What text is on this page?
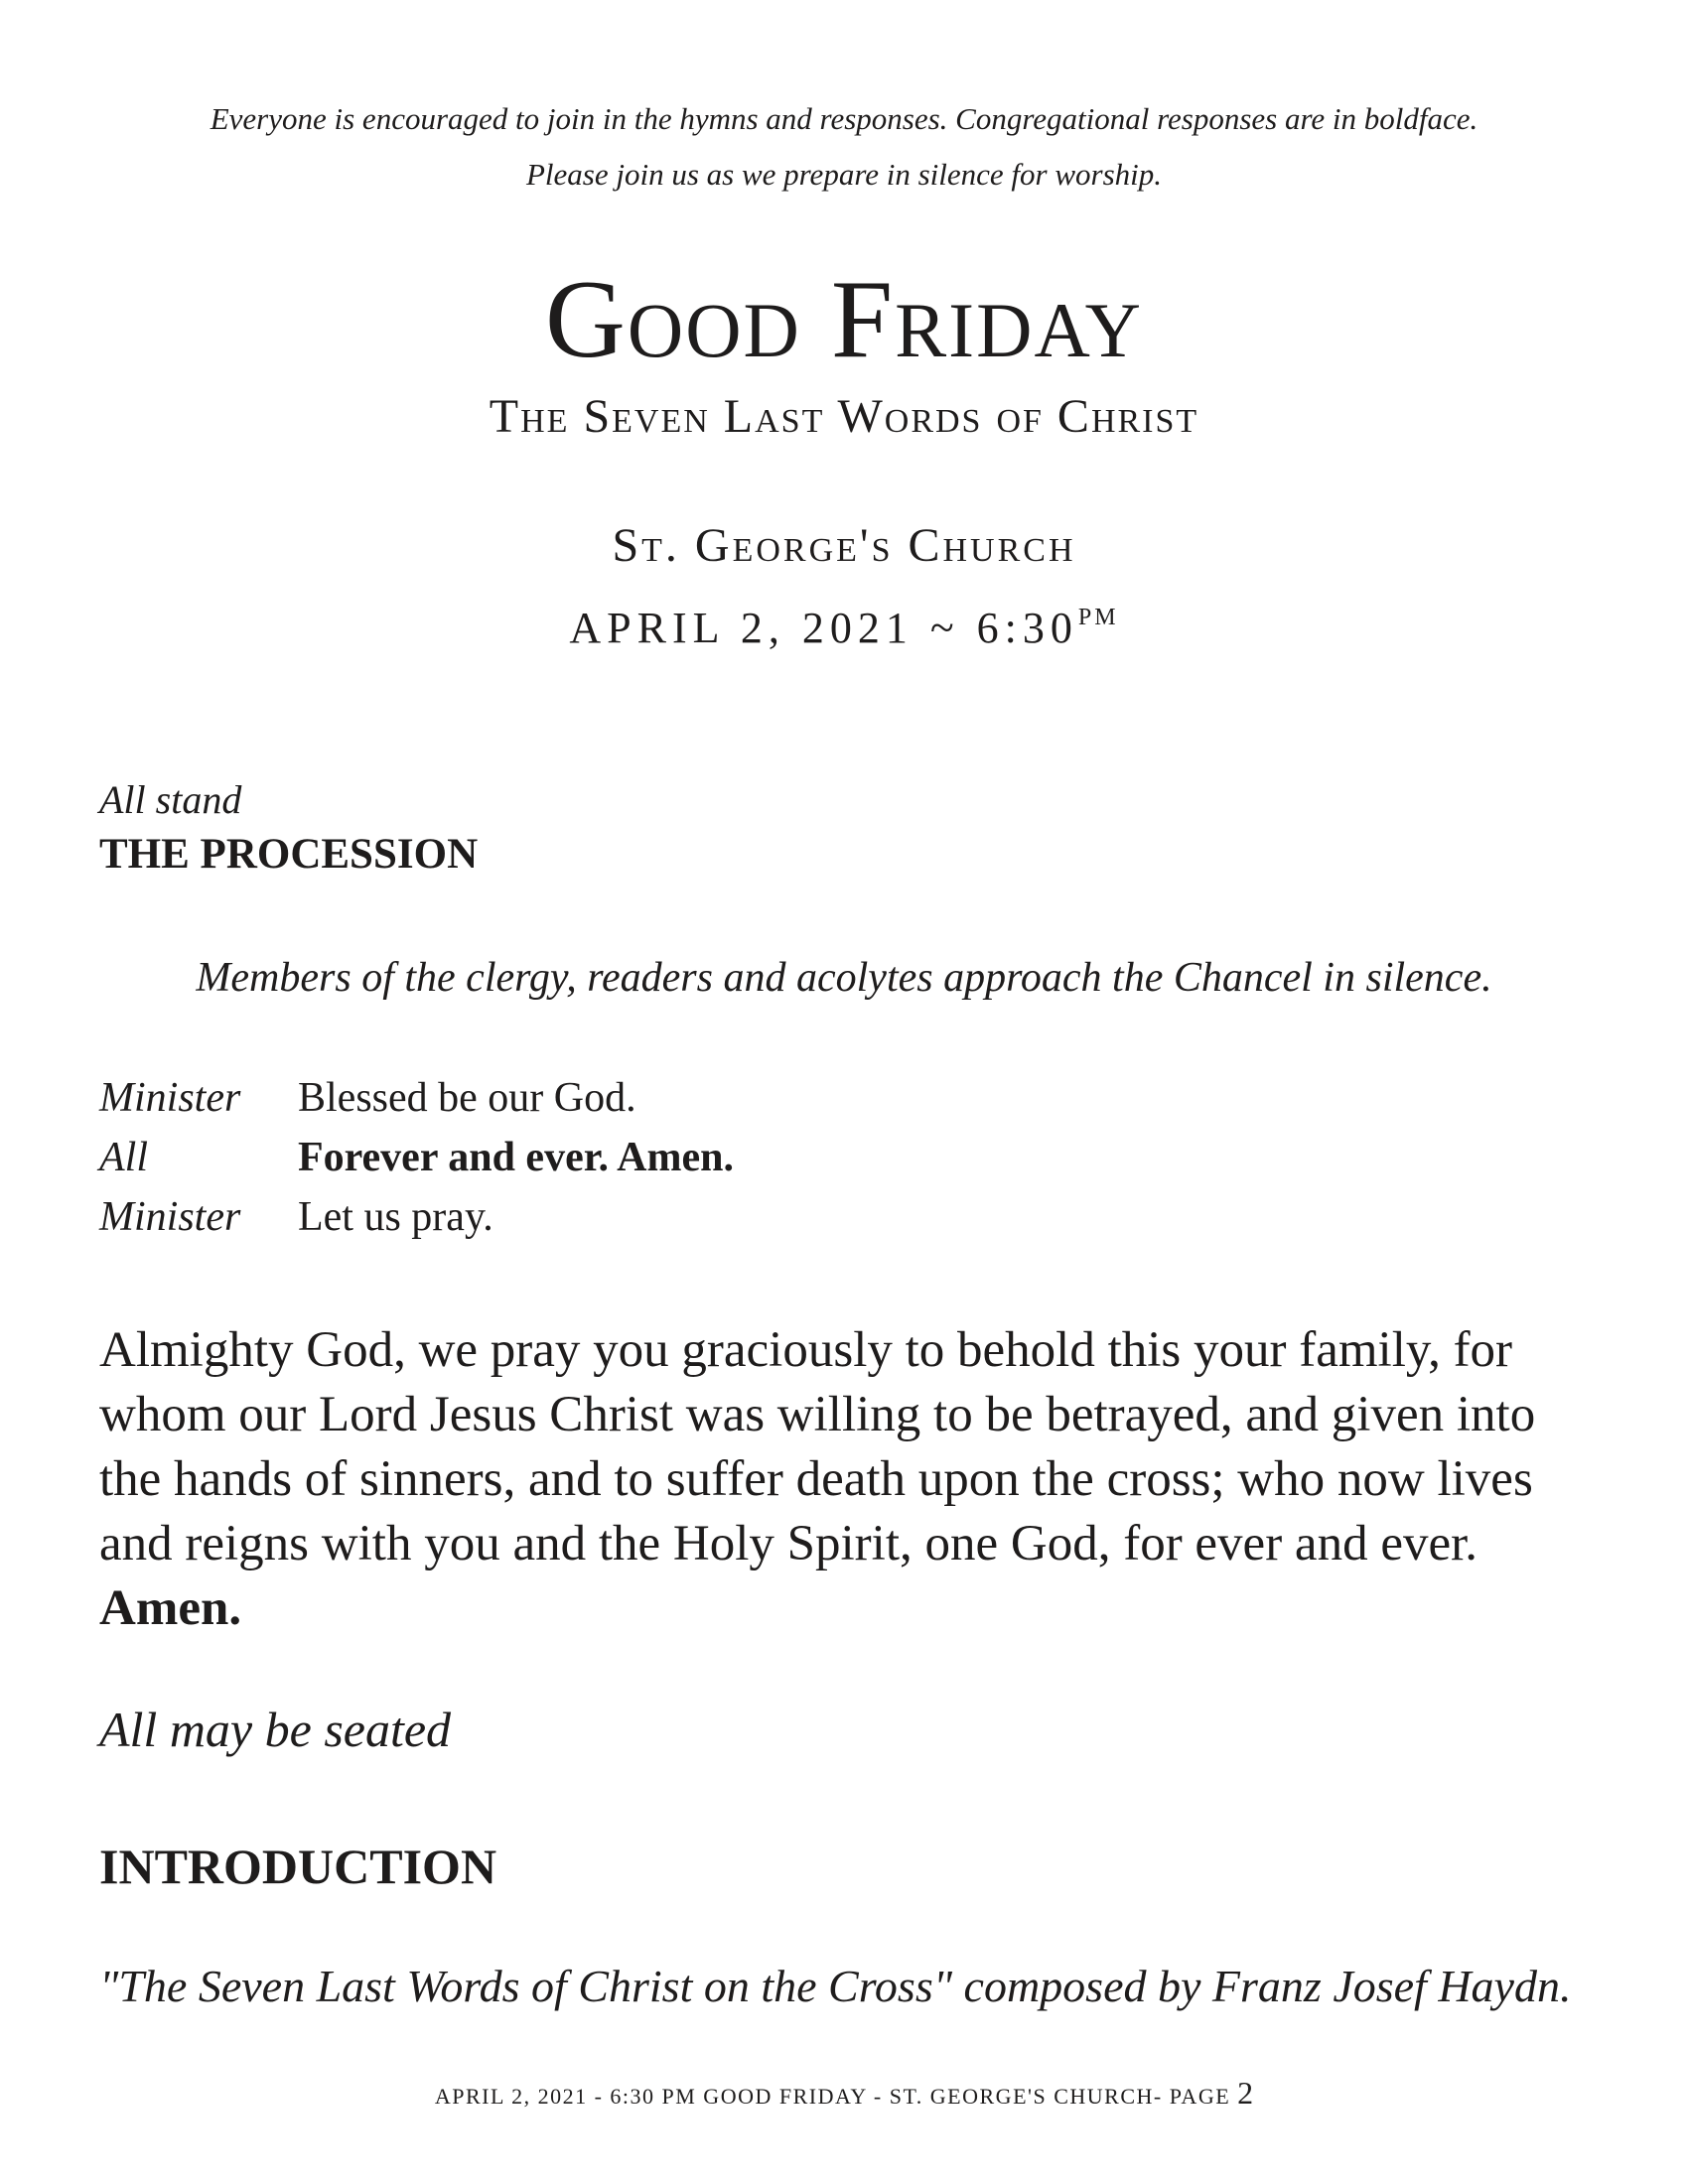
Everyone is encouraged to join in the hymns and responses. Congregational responses are in boldface.
Please join us as we prepare in silence for worship.
Good Friday
The Seven Last Words of Christ
St. George's Church
APRIL 2, 2021 ~ $6:30^{PM}$
All stand
THE PROCESSION
Members of the clergy, readers and acolytes approach the Chancel in silence.
Minister	Blessed be our God.
All	Forever and ever. Amen.
Minister	Let us pray.
Almighty God, we pray you graciously to behold this your family, for whom our Lord Jesus Christ was willing to be betrayed, and given into the hands of sinners, and to suffer death upon the cross; who now lives and reigns with you and the Holy Spirit, one God, for ever and ever. Amen.
All may be seated
INTRODUCTION
"The Seven Last Words of Christ on the Cross" composed by Franz Josef Haydn.
APRIL 2, 2021 - 6:30 PM GOOD FRIDAY - ST. GEORGE'S CHURCH- PAGE 2
